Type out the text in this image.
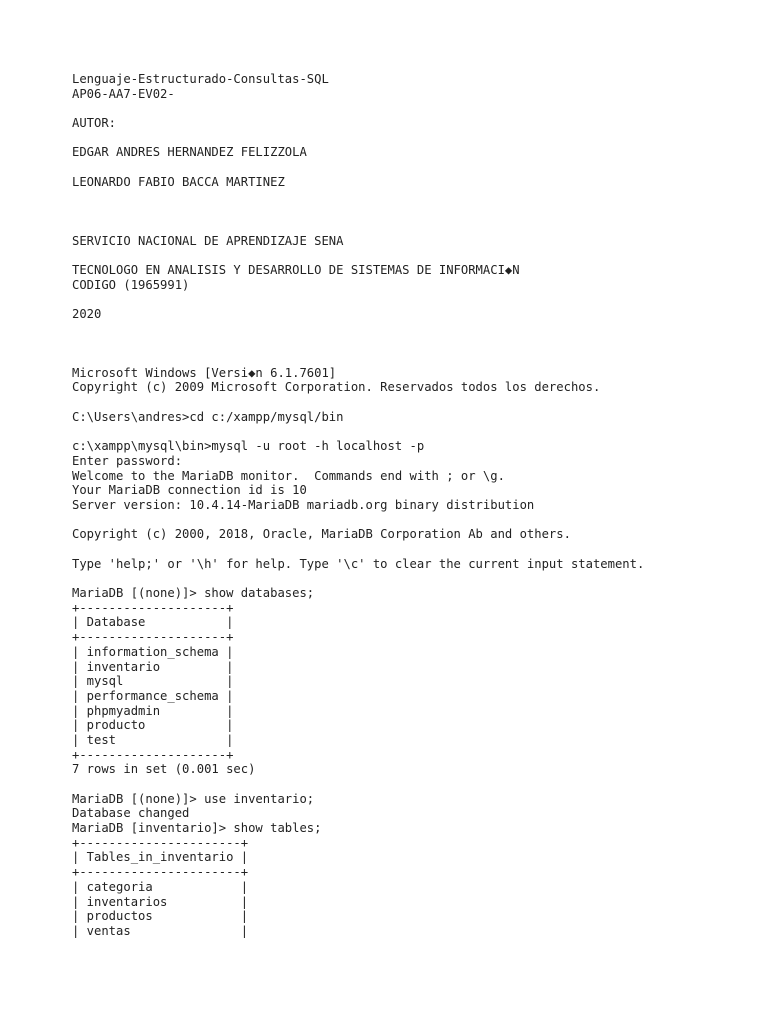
Lenguaje-Estructurado-Consultas-SQL
AP06-AA7-EV02-
AUTOR:
EDGAR ANDRES HERNANDEZ FELIZZOLA
LEONARDO FABIO BACCA MARTINEZ
SERVICIO NACIONAL DE APRENDIZAJE SENA
TECNOLOGO EN ANALISIS Y DESARROLLO DE SISTEMAS DE INFORMACI◆N
CODIGO (1965991)
2020
Microsoft Windows [Versi◆n 6.1.7601]
Copyright (c) 2009 Microsoft Corporation. Reservados todos los derechos.
C:\Users\andres>cd c:/xampp/mysql/bin
c:\xampp\mysql\bin>mysql -u root -h localhost -p
Enter password:
Welcome to the MariaDB monitor.  Commands end with ; or \g.
Your MariaDB connection id is 10
Server version: 10.4.14-MariaDB mariadb.org binary distribution
Copyright (c) 2000, 2018, Oracle, MariaDB Corporation Ab and others.
Type 'help;' or '\h' for help. Type '\c' to clear the current input statement.
MariaDB [(none)]> show databases;
+--------------------+
| Database           |
+--------------------+
| information_schema |
| inventario         |
| mysql              |
| performance_schema |
| phpmyadmin         |
| producto           |
| test               |
+--------------------+
7 rows in set (0.001 sec)
MariaDB [(none)]> use inventario;
Database changed
MariaDB [inventario]> show tables;
+----------------------+
| Tables_in_inventario |
+----------------------+
| categoria            |
| inventarios          |
| productos            |
| ventas               |
